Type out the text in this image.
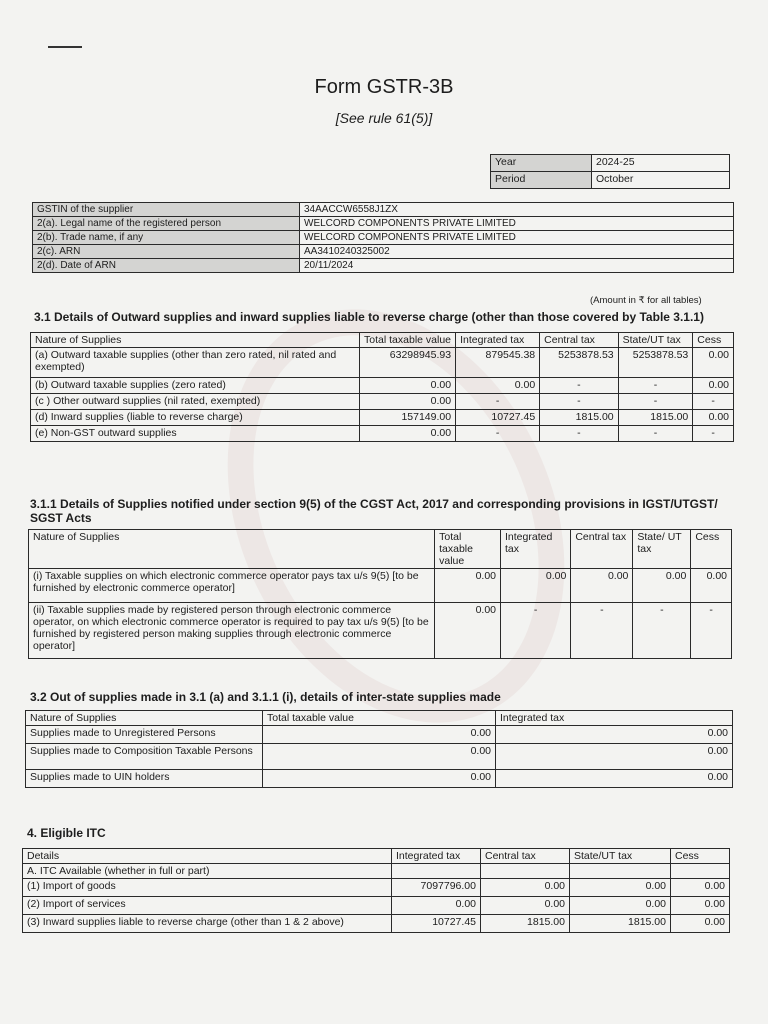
Form GSTR-3B
[See rule 61(5)]
Year	2024-25
Period	October
GSTIN of the supplier	34AACCW6558J1ZX
2(a). Legal name of the registered person	WELCORD COMPONENTS PRIVATE LIMITED
2(b). Trade name, if any	WELCORD COMPONENTS PRIVATE LIMITED
2(c). ARN	AA3410240325002
2(d). Date of ARN	20/11/2024
(Amount in ₹ for all tables)
3.1 Details of Outward supplies and inward supplies liable to reverse charge (other than those covered by Table 3.1.1)
Nature of Supplies	Total taxable value	Integrated tax	Central tax	State/UT tax	Cess
(a) Outward taxable supplies (other than zero rated, nil rated and exempted)	63298945.93	879545.38	5253878.53	5253878.53	0.00
(b) Outward taxable supplies (zero rated)	0.00	0.00	-	-	0.00
(c ) Other outward supplies (nil rated, exempted)	0.00	-	-	-	-
(d) Inward supplies (liable to reverse charge)	157149.00	10727.45	1815.00	1815.00	0.00
(e) Non-GST outward supplies	0.00	-	-	-	-
3.1.1 Details of Supplies notified under section 9(5) of the CGST Act, 2017 and corresponding provisions in IGST/UTGST/ SGST Acts
Nature of Supplies	Total taxable value	Integrated tax	Central tax	State/ UT tax	Cess
(i) Taxable supplies on which electronic commerce operator pays tax u/s 9(5) [to be furnished by electronic commerce operator]	0.00	0.00	0.00	0.00	0.00
(ii) Taxable supplies made by registered person through electronic commerce operator, on which electronic commerce operator is required to pay tax u/s 9(5) [to be furnished by registered person making supplies through electronic commerce operator]	0.00	-	-	-	-
3.2 Out of supplies made in 3.1 (a) and 3.1.1 (i), details of inter-state supplies made
Nature of Supplies	Total taxable value	Integrated tax
Supplies made to Unregistered Persons	0.00	0.00
Supplies made to Composition Taxable Persons	0.00	0.00
Supplies made to UIN holders	0.00	0.00
4. Eligible ITC
Details	Integrated tax	Central tax	State/UT tax	Cess
A. ITC Available (whether in full or part)				
(1) Import of goods	7097796.00	0.00	0.00	0.00
(2) Import of services	0.00	0.00	0.00	0.00
(3) Inward supplies liable to reverse charge (other than 1 & 2 above)	10727.45	1815.00	1815.00	0.00
